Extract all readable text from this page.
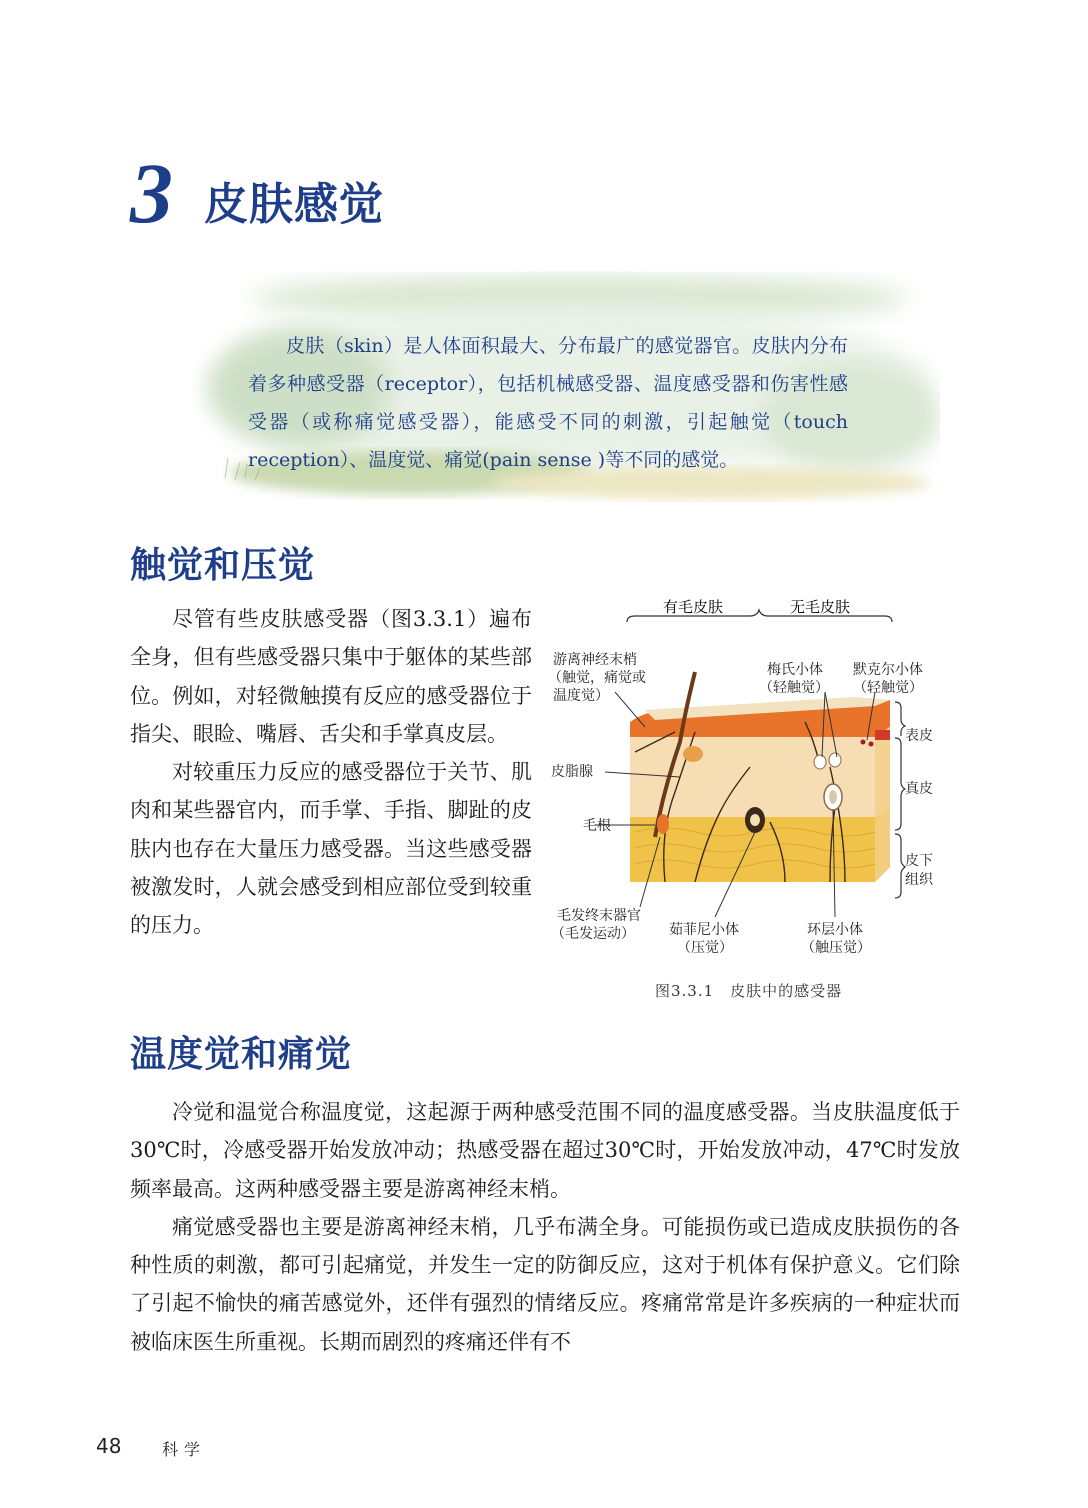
3 皮肤感觉

皮肤（skin）是人体面积最大、分布最广的感觉器官。皮肤内分布着多种感受器（receptor），包括机械感受器、温度感受器和伤害性感受器（或称痛觉感受器），能感受不同的刺激，引起触觉（touch reception）、温度觉、痛觉(pain sense )等不同的感觉。

触觉和压觉

尽管有些皮肤感受器（图3.3.1）遍布全身，但有些感受器只集中于躯体的某些部位。例如，对轻微触摸有反应的感受器位于指尖、眼睑、嘴唇、舌尖和手掌真皮层。

对较重压力反应的感受器位于关节、肌肉和某些器官内，而手掌、手指、脚趾的皮肤内也存在大量压力感受器。当这些感受器被激发时，人就会感受到相应部位受到较重的压力。

有毛皮肤	无毛皮肤
游离神经末梢
（触觉，痛觉或
温度觉）
皮脂腺
毛根
毛发终末器官
（毛发运动）
梅氏小体
（轻触觉）
默克尔小体
（轻触觉）
茹菲尼小体
（压觉）
环层小体
（触压觉）
表皮
真皮
皮下
组织
图3.3.1　皮肤中的感受器
温度觉和痛觉

冷觉和温觉合称温度觉，这起源于两种感受范围不同的温度感受器。当皮肤温度低于30℃时，冷感受器开始发放冲动；热感受器在超过30℃时，开始发放冲动，47℃时发放频率最高。这两种感受器主要是游离神经末梢。

痛觉感受器也主要是游离神经末梢，几乎布满全身。可能损伤或已造成皮肤损伤的各种性质的刺激，都可引起痛觉，并发生一定的防御反应，这对于机体有保护意义。它们除了引起不愉快的痛苦感觉外，还伴有强烈的情绪反应。疼痛常常是许多疾病的一种症状而被临床医生所重视。长期而剧烈的疼痛还伴有不

48	科学
